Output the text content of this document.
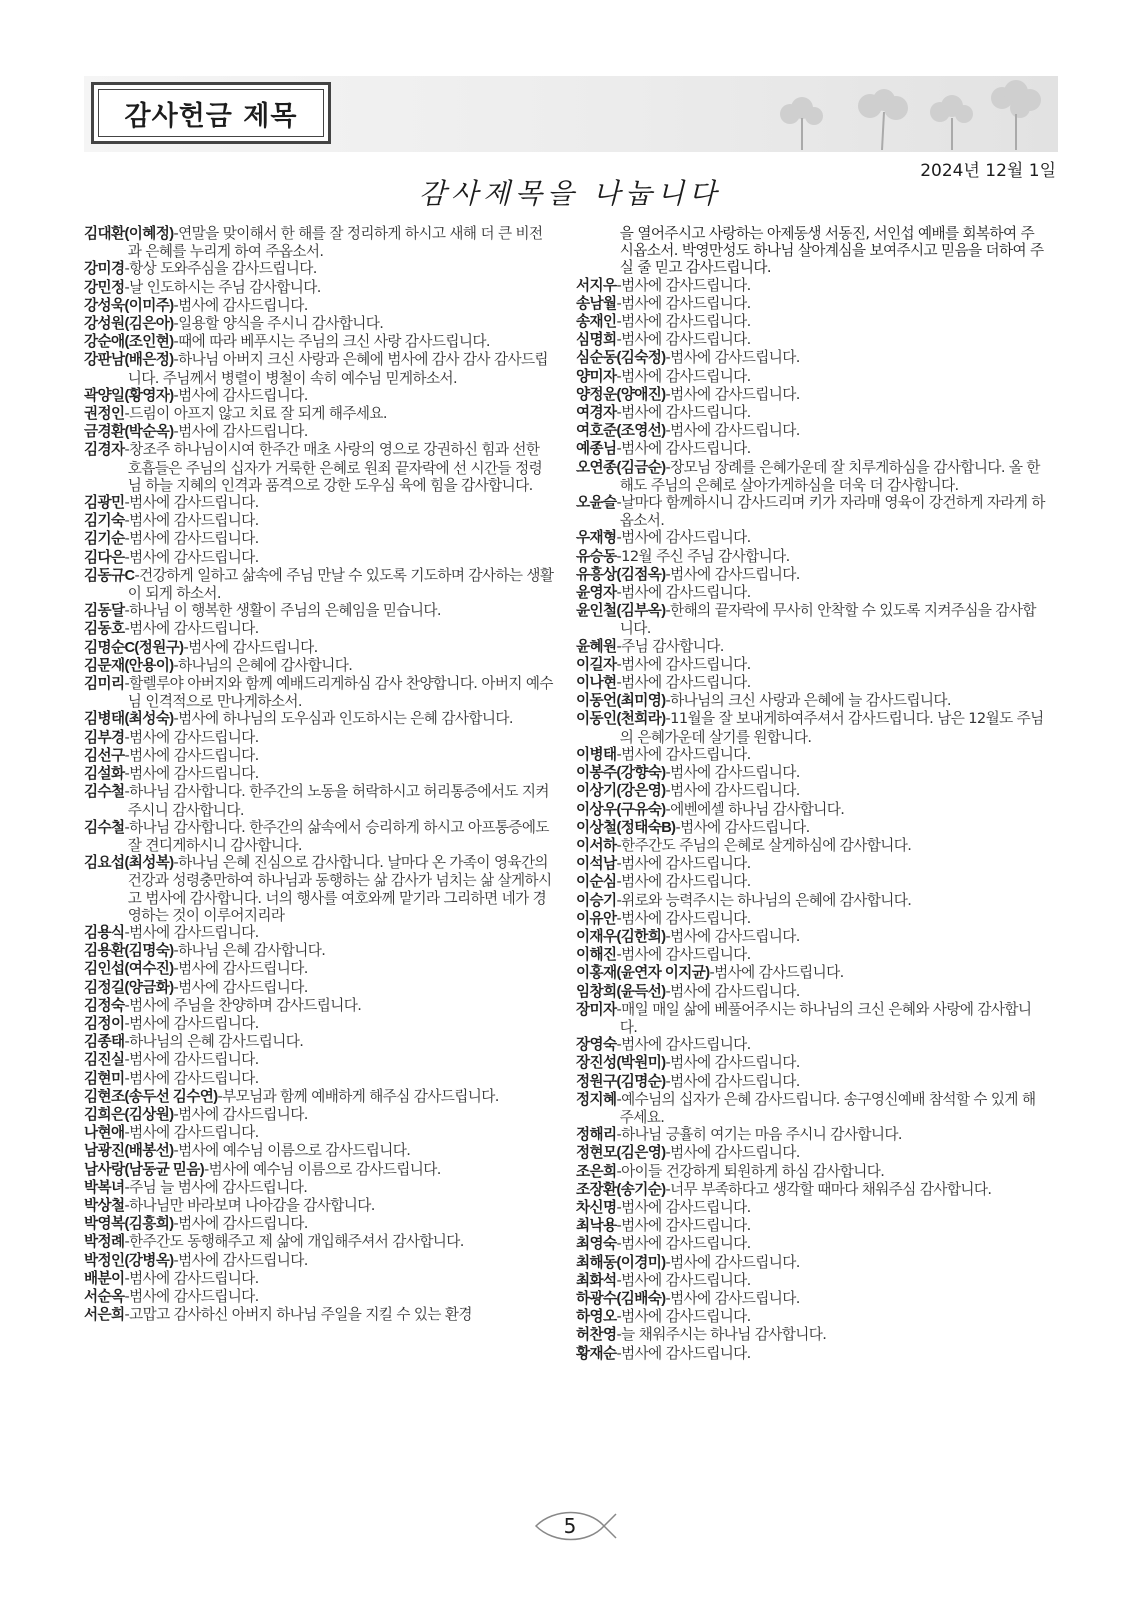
감사헌금 제목
2024년 12월 1일
감사제목을 나눕니다
김대환(이혜정)-연말을 맞이해서 한 해를 잘 정리하게 하시고 새해 더 큰 비전과 은혜를 누리게 하여 주옵소서.
강미경-항상 도와주심을 감사드립니다.
강민정-날 인도하시는 주님 감사합니다.
강성욱(이미주)-범사에 감사드립니다.
강성원(김은아)-일용할 양식을 주시니 감사합니다.
강순애(조인현)-때에 따라 베푸시는 주님의 크신 사랑 감사드립니다.
강판남(배은정)-하나님 아버지 크신 사랑과 은혜에 범사에 감사 감사 감사드립니다. 주님께서 병렬이 병철이 속히 예수님 믿게하소서.
곽양일(황영자)-범사에 감사드립니다.
권정인-드림이 아프지 않고 치료 잘 되게 해주세요.
금경환(박순옥)-범사에 감사드립니다.
김경자-창조주 하나님이시여 한주간 매초 사랑의 영으로 강권하신 힘과 선한 호흡들은 주님의 십자가 거룩한 은혜로 원죄 끝자락에 선 시간들 정령님 하늘 지혜의 인격과 품격으로 강한 도우심 육에 힘을 감사합니다.
김광민-범사에 감사드립니다.
김기숙-범사에 감사드립니다.
김기순-범사에 감사드립니다.
김다은-범사에 감사드립니다.
김동규C-건강하게 일하고 삶속에 주님 만날 수 있도록 기도하며 감사하는 생활이 되게 하소서.
김동달-하나님 이 행복한 생활이 주님의 은혜임을 믿습니다.
김동호-범사에 감사드립니다.
김명순C(정원구)-범사에 감사드립니다.
김문재(안용이)-하나님의 은혜에 감사합니다.
김미리-할렐루야 아버지와 함께 예배드리게하심 감사 찬양합니다. 아버지 예수님 인격적으로 만나게하소서.
김병태(최성숙)-범사에 하나님의 도우심과 인도하시는 은혜 감사합니다.
김부경-범사에 감사드립니다.
김선구-범사에 감사드립니다.
김설화-범사에 감사드립니다.
김수철-하나님 감사합니다. 한주간의 노동을 허락하시고 허리통증에서도 지켜주시니 감사합니다.
김수철-하나님 감사합니다. 한주간의 삶속에서 승리하게 하시고 아프통증에도 잘 견디게하시니 감사합니다.
김요섭(최성복)-하나님 은혜 진심으로 감사합니다. 날마다 온 가족이 영육간의 건강과 성령충만하여 하나님과 동행하는 삶 감사가 넘치는 삶 살게하시고 범사에 감사합니다. 너의 행사를 여호와께 맡기라 그리하면 네가 경영하는 것이 이루어지리라
김용식-범사에 감사드립니다.
김용환(김명숙)-하나님 은혜 감사합니다.
김인섭(여수진)-범사에 감사드립니다.
김정길(양금화)-범사에 감사드립니다.
김정숙-범사에 주님을 찬양하며 감사드립니다.
김정이-범사에 감사드립니다.
김종태-하나님의 은혜 감사드립니다.
김진실-범사에 감사드립니다.
김현미-범사에 감사드립니다.
김현조(송두선 김수연)-부모님과 함께 예배하게 해주심 감사드립니다.
김희은(김상원)-범사에 감사드립니다.
나현애-범사에 감사드립니다.
남광진(배봉선)-범사에 예수님 이름으로 감사드립니다.
남사랑(남동균 믿음)-범사에 예수님 이름으로 감사드립니다.
박복녀-주님 늘 범사에 감사드립니다.
박상철-하나님만 바라보며 나아감을 감사합니다.
박영복(김흥희)-범사에 감사드립니다.
박정례-한주간도 동행해주고 제 삶에 개입해주셔서 감사합니다.
박정인(강병옥)-범사에 감사드립니다.
배분이-범사에 감사드립니다.
서순옥-범사에 감사드립니다.
서은희-고맙고 감사하신 아버지 하나님 주일을 지킬 수 있는 환경
을 열어주시고 사랑하는 아제동생 서동진, 서인섭 예배를 회복하여 주시옵소서. 박영만성도 하나님 살아계심을 보여주시고 믿음을 더하여 주실 줄 믿고 감사드립니다.
서지우-범사에 감사드립니다.
송남월-범사에 감사드립니다.
송재인-범사에 감사드립니다.
심명희-범사에 감사드립니다.
심순동(김숙정)-범사에 감사드립니다.
양미자-범사에 감사드립니다.
양정운(양애진)-범사에 감사드립니다.
여경자-범사에 감사드립니다.
여호준(조영선)-범사에 감사드립니다.
예종님-범사에 감사드립니다.
오연종(김금순)-장모님 장례를 은혜가운데 잘 치루게하심을 감사합니다. 올 한해도 주님의 은혜로 살아가게하심을 더욱 더 감사합니다.
오윤슬-날마다 함께하시니 감사드리며 키가 자라매 영육이 강건하게 자라게 하옵소서.
우재형-범사에 감사드립니다.
유승동-12월 주신 주님 감사합니다.
유흥상(김점옥)-범사에 감사드립니다.
윤영자-범사에 감사드립니다.
윤인철(김부옥)-한해의 끝자락에 무사히 안착할 수 있도록 지켜주심을 감사합니다.
윤혜원-주님 감사합니다.
이길자-범사에 감사드립니다.
이나현-범사에 감사드립니다.
이동언(최미영)-하나님의 크신 사랑과 은혜에 늘 감사드립니다.
이동인(천희라)-11월을 잘 보내게하여주셔서 감사드립니다. 남은 12월도 주님의 은혜가운데 살기를 원합니다.
이병태-범사에 감사드립니다.
이봉주(강향숙)-범사에 감사드립니다.
이상기(강은영)-범사에 감사드립니다.
이상우(구유숙)-에벤에셀 하나님 감사합니다.
이상철(정태숙B)-범사에 감사드립니다.
이서하-한주간도 주님의 은혜로 살게하심에 감사합니다.
이석남-범사에 감사드립니다.
이순심-범사에 감사드립니다.
이승기-위로와 능력주시는 하나님의 은혜에 감사합니다.
이유안-범사에 감사드립니다.
이재우(김한희)-범사에 감사드립니다.
이해진-범사에 감사드립니다.
이홍재(윤연자 이지균)-범사에 감사드립니다.
임창희(윤득선)-범사에 감사드립니다.
장미자-매일 매일 삶에 베풀어주시는 하나님의 크신 은혜와 사랑에 감사합니다.
장영숙-범사에 감사드립니다.
장진성(박원미)-범사에 감사드립니다.
정원구(김명순)-범사에 감사드립니다.
정지혜-예수님의 십자가 은혜 감사드립니다. 송구영신예배 참석할 수 있게 해주세요.
정해리-하나님 긍휼히 여기는 마음 주시니 감사합니다.
정현모(김은영)-범사에 감사드립니다.
조은희-아이들 건강하게 퇴원하게 하심 감사합니다.
조장환(송기순)-너무 부족하다고 생각할 때마다 채워주심 감사합니다.
차신명-범사에 감사드립니다.
최낙용-범사에 감사드립니다.
최영숙-범사에 감사드립니다.
최해동(이경미)-범사에 감사드립니다.
최화석-범사에 감사드립니다.
하광수(김배숙)-범사에 감사드립니다.
하영오-범사에 감사드립니다.
허찬영-늘 채워주시는 하나님 감사합니다.
황재순-범사에 감사드립니다.
5
